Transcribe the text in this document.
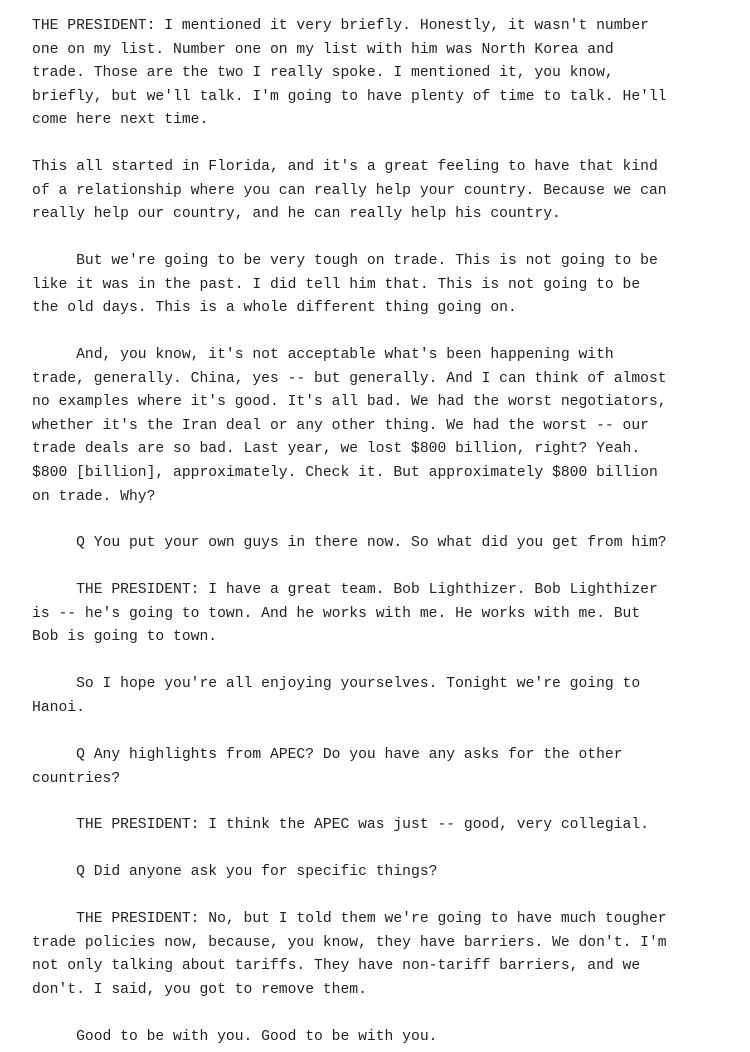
THE PRESIDENT: I mentioned it very briefly. Honestly, it wasn't number
one on my list. Number one on my list with him was North Korea and
trade. Those are the two I really spoke. I mentioned it, you know,
briefly, but we'll talk. I'm going to have plenty of time to talk. He'll
come here next time.

This all started in Florida, and it's a great feeling to have that kind
of a relationship where you can really help your country. Because we can
really help our country, and he can really help his country.

But we're going to be very tough on trade. This is not going to be
like it was in the past. I did tell him that. This is not going to be
the old days. This is a whole different thing going on.

And, you know, it's not acceptable what's been happening with
trade, generally. China, yes -- but generally. And I can think of almost
no examples where it's good. It's all bad. We had the worst negotiators,
whether it's the Iran deal or any other thing. We had the worst -- our
trade deals are so bad. Last year, we lost $800 billion, right? Yeah.
$800 [billion], approximately. Check it. But approximately $800 billion
on trade. Why?

Q You put your own guys in there now. So what did you get from him?

THE PRESIDENT: I have a great team. Bob Lighthizer. Bob Lighthizer
is -- he's going to town. And he works with me. He works with me. But
Bob is going to town.

So I hope you're all enjoying yourselves. Tonight we're going to
Hanoi.

Q Any highlights from APEC? Do you have any asks for the other
countries?

THE PRESIDENT: I think the APEC was just -- good, very collegial.

Q Did anyone ask you for specific things?

THE PRESIDENT: No, but I told them we're going to have much tougher
trade policies now, because, you know, they have barriers. We don't. I'm
not only talking about tariffs. They have non-tariff barriers, and we
don't. I said, you got to remove them.

Good to be with you. Good to be with you.
